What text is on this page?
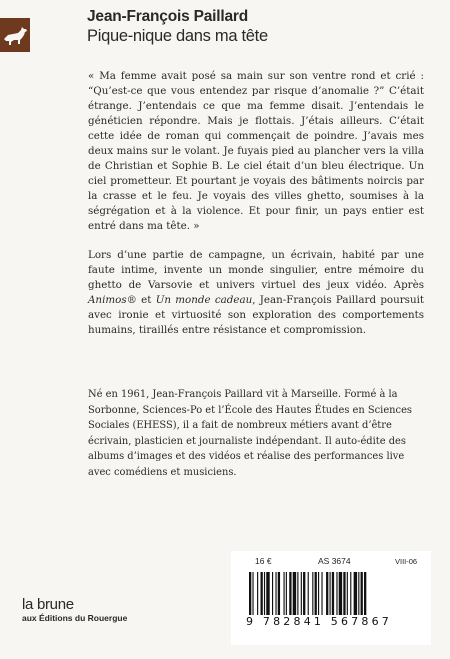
Jean-François Paillard
Pique-nique dans ma tête

« Ma femme avait posé sa main sur son ventre rond et crié : “Qu’est-ce que vous entendez par risque d’anomalie ?” C’était étrange. J’entendais ce que ma femme disait. J’entendais le généticien répondre. Mais je flottais. J’étais ailleurs. C’était cette idée de roman qui commençait de poindre. J’avais mes deux mains sur le volant. Je fuyais pied au plancher vers la villa de Christian et Sophie B. Le ciel était d’un bleu électrique. Un ciel prometteur. Et pourtant je voyais des bâtiments noircis par la crasse et le feu. Je voyais des villes ghetto, soumises à la ségrégation et à la violence. Et pour finir, un pays entier est entré dans ma tête. »

Lors d’une partie de campagne, un écrivain, habité par une faute intime, invente un monde singulier, entre mémoire du ghetto de Varsovie et univers virtuel des jeux vidéo. Après Animos® et Un monde cadeau, Jean-François Paillard poursuit avec ironie et virtuosité son exploration des comportements humains, tiraillés entre résistance et compromission.

Né en 1961, Jean-François Paillard vit à Marseille. Formé à la Sorbonne, Sciences-Po et l’École des Hautes Études en Sciences Sociales (EHESS), il a fait de nombreux métiers avant d’être écrivain, plasticien et journaliste indépendant. Il auto-édite des albums d’images et des vidéos et réalise des performances live avec comédiens et musiciens.

la brune
aux Éditions du Rouergue
16 €	AS 3674	VIII-06
9 782841 567867
